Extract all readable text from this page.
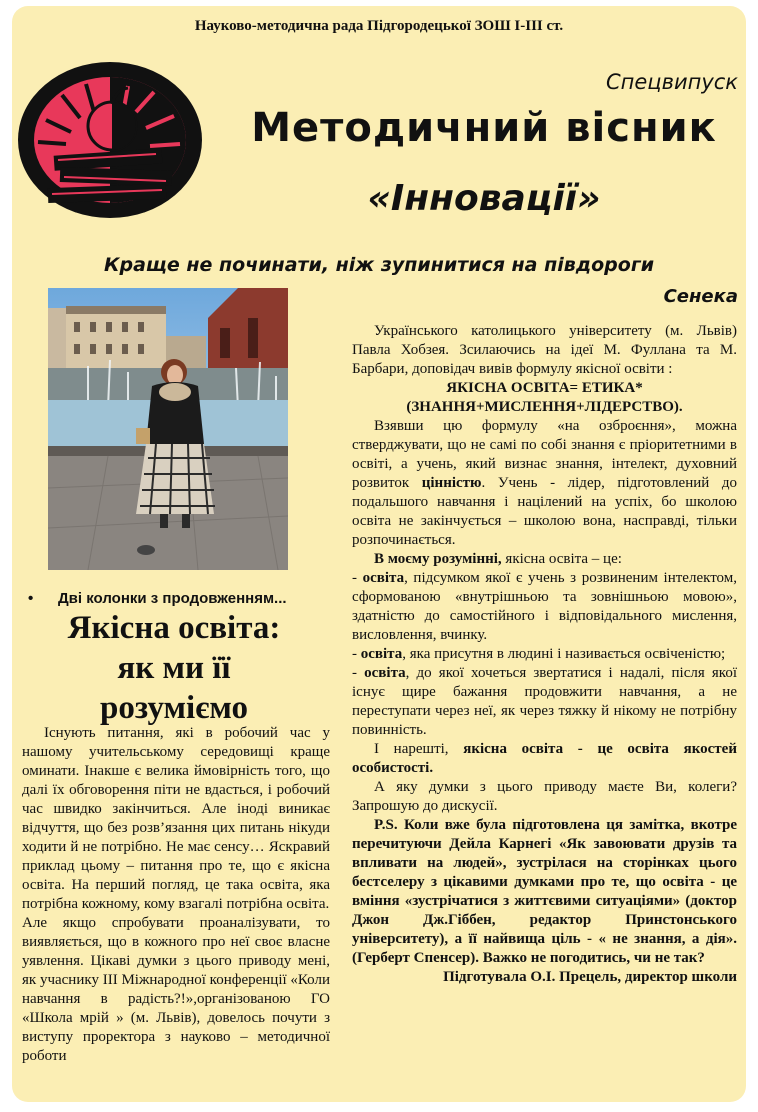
Науково-методична рада Підгородецької ЗОШ І-ІІІ ст.
Спецвипуск
Методичний вісник
«Інновації»
Краще не починати, ніж зупинитися на півдороги
Сенека
• Дві колонки з продовженням...
Якісна освіта:
як ми її
розуміємо

Існують питання, які в робочий час у нашому учительському середовищі краще оминати. Інакше є велика ймовірність того, що далі їх обговорення піти не вдасться, і робочий час швидко закінчиться. Але іноді виникає відчуття, що без розв’язання цих питань нікуди ходити й не потрібно. Не має сенсу… Яскравий приклад цьому – питання про те, що є якісна освіта. На перший погляд, це така освіта, яка потрібна кожному, кому взагалі потрібна освіта.

Але якщо спробувати проаналізувати, то виявляється, що в кожного про неї своє власне уявлення. Цікаві думки з цього приводу мені, як учаснику ІІІ Міжнародної конференції «Коли навчання в радість?!»,організованою ГО «Школа мрій » (м. Львів), довелось почути з виступу проректора з науково – методичної роботи

Українського католицького університету (м. Львів) Павла Хобзея. Зсилаючись на ідеї М. Фуллана та М. Барбари, доповідач вивів формулу якісної освіти :

ЯКІСНА ОСВІТА= ЕТИКА*

(ЗНАННЯ+МИСЛЕННЯ+ЛІДЕРСТВО).

Взявши цю формулу «на озброєння», можна стверджувати, що не самі по собі знання є пріоритетними в освіті, а учень, який визнає знання, інтелект, духовний розвиток цінністю. Учень - лідер, підготовлений до подальшого навчання і націлений на успіх, бо школою освіта не закінчується – школою вона, насправді, тільки розпочинається.

В моєму розумінні, якісна освіта – це:

- освіта, підсумком якої є учень з розвиненим інтелектом, сформованою «внутрішньою та зовнішньою мовою», здатністю до самостійного і відповідального мислення, висловлення, вчинку.

- освіта, яка присутня в людині і називається освіченістю;

- освіта, до якої хочеться звертатися і надалі, після якої існує щире бажання продовжити навчання, а не переступати через неї, як через тяжку й нікому не потрібну повинність.

І нарешті, якісна освіта - це освіта якостей особистості.

А яку думки з цього приводу маєте Ви, колеги? Запрошую до дискусії.

P.S. Коли вже була підготовлена ця замітка, вкотре перечитуючи Дейла Карнегі «Як завоювати друзів та впливати на людей», зустрілася на сторінках цього бестселеру з цікавими думками про те, що освіта - це вміння «зустрічатися з життєвими ситуаціями» (доктор Джон Дж.Гіббен, редактор Принстонського університету), а її найвища ціль - « не знання, а дія». (Герберт Спенсер). Важко не погодитись, чи не так?

Підготувала О.І. Прецель, директор школи
